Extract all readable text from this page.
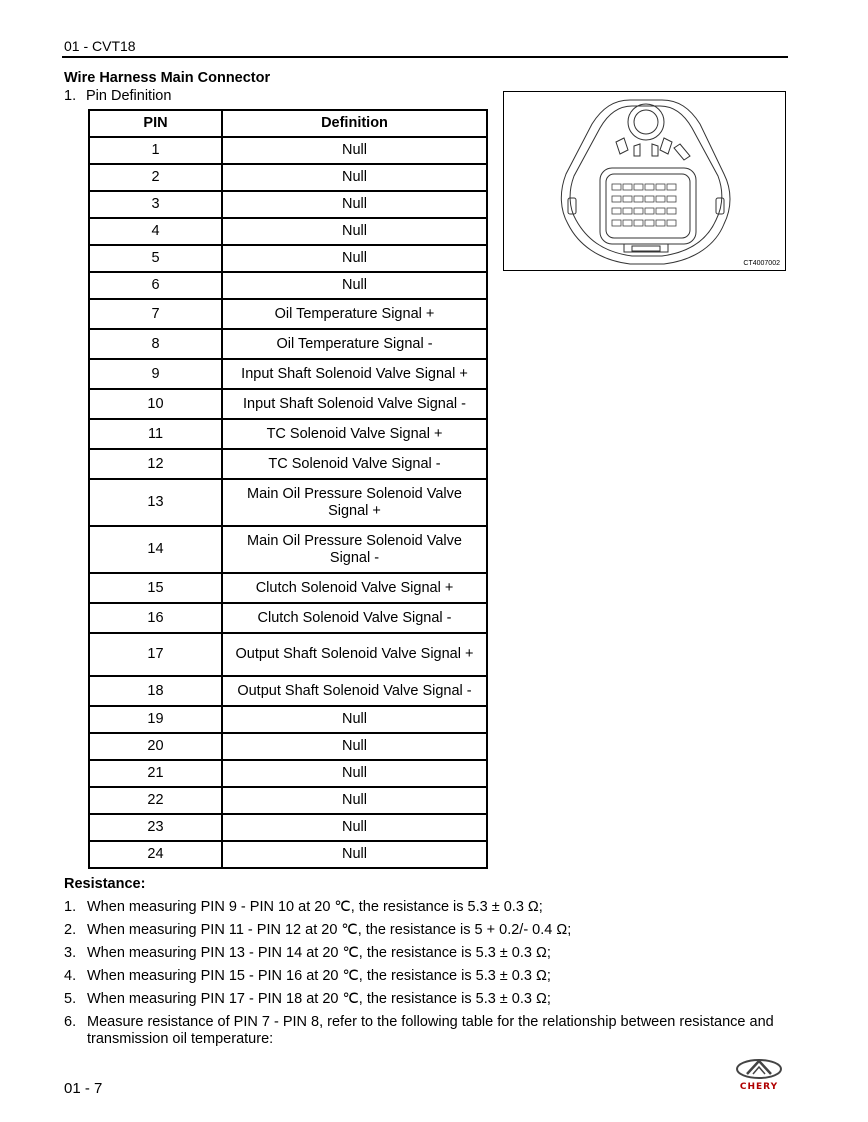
01 - CVT18
Wire Harness Main Connector
1. Pin Definition
PIN	Definition
1	Null
2	Null
3	Null
4	Null
5	Null
6	Null
7	Oil Temperature Signal +
8	Oil Temperature Signal -
9	Input Shaft Solenoid Valve Signal +
10	Input Shaft Solenoid Valve Signal -
11	TC Solenoid Valve Signal +
12	TC Solenoid Valve Signal -
13	Main Oil Pressure Solenoid Valve Signal +
14	Main Oil Pressure Solenoid Valve Signal -
15	Clutch Solenoid Valve Signal +
16	Clutch Solenoid Valve Signal -
17	Output Shaft Solenoid Valve Signal +
18	Output Shaft Solenoid Valve Signal -
19	Null
20	Null
21	Null
22	Null
23	Null
24	Null
CT4007002
Resistance:
1. When measuring PIN 9 - PIN 10 at 20 ℃, the resistance is 5.3 ± 0.3 Ω;
2. When measuring PIN 11 - PIN 12 at 20 ℃, the resistance is 5 + 0.2/- 0.4 Ω;
3. When measuring PIN 13 - PIN 14 at 20 ℃, the resistance is 5.3 ± 0.3 Ω;
4. When measuring PIN 15 - PIN 16 at 20 ℃, the resistance is 5.3 ± 0.3 Ω;
5. When measuring PIN 17 - PIN 18 at 20 ℃, the resistance is 5.3 ± 0.3 Ω;
6. Measure resistance of PIN 7 - PIN 8, refer to the following table for the relationship between resistance and transmission oil temperature:
01 - 7	CHERY
